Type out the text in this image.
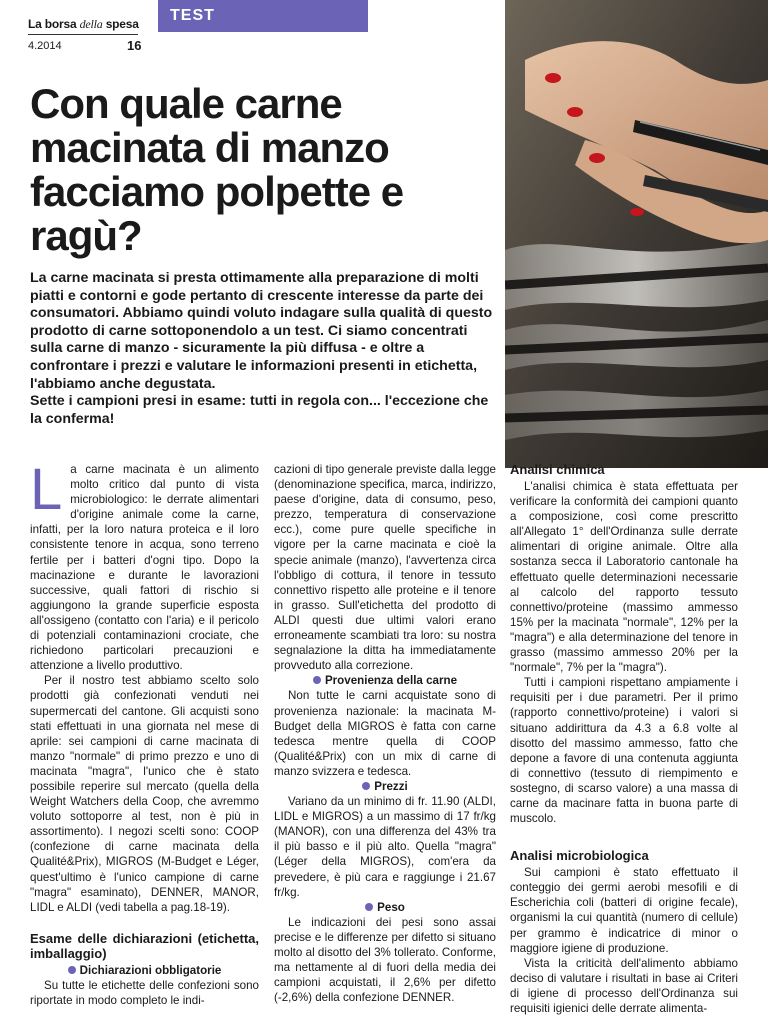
La borsa della spesa
4.2014	16
TEST
Con quale carne macinata di manzo facciamo polpette e ragù?

La carne macinata si presta ottimamente alla preparazione di molti piatti e contorni e gode pertanto di crescente interesse da parte dei consumatori. Abbiamo quindi voluto indagare sulla qualità di questo prodotto di carne sottoponendolo a un test. Ci siamo concentrati sulla carne di manzo - sicuramente la più diffusa - e oltre a confrontare i prezzi e valutare le informazioni presenti in etichetta, l'abbiamo anche degustata.

Sette i campioni presi in esame: tutti in regola con... l'eccezione che la conferma!

La carne macinata è un alimento molto critico dal punto di vista microbiologico: le derrate alimentari d'origine animale come la carne, infatti, per la loro natura proteica e il loro consistente tenore in acqua, sono terreno fertile per i batteri d'ogni tipo. Dopo la macinazione e durante le lavorazioni successive, quali fattori di rischio si aggiungono la grande superficie esposta all'ossigeno (contatto con l'aria) e il pericolo di potenziali contaminazioni crociate, che richiedono particolari precauzioni e attenzione a livello produttivo.

Per il nostro test abbiamo scelto solo prodotti già confezionati venduti nei supermercati del cantone. Gli acquisti sono stati effettuati in una giornata nel mese di aprile: sei campioni di carne macinata di manzo "normale" di primo prezzo e uno di macinata "magra", l'unico che è stato possibile reperire sul mercato (quella della Weight Watchers della Coop, che avremmo voluto sottoporre al test, non è più in assortimento). I negozi scelti sono: COOP (confezione di carne macinata della Qualité&Prix), MIGROS (M-Budget e Léger, quest'ultimo è l'unico campione di carne "magra" esaminato), DENNER, MANOR, LIDL e ALDI (vedi tabella a pag.18-19).

Esame delle dichiarazioni (etichetta, imballaggio)
Dichiarazioni obbligatorie

Su tutte le etichette delle confezioni sono riportate in modo completo le indi-

cazioni di tipo generale previste dalla legge (denominazione specifica, marca, indirizzo, paese d'origine, data di consumo, peso, prezzo, temperatura di conservazione ecc.), come pure quelle specifiche in vigore per la carne macinata e cioè la specie animale (manzo), l'avvertenza circa l'obbligo di cottura, il tenore in tessuto connettivo rispetto alle proteine e il tenore in grasso. Sull'etichetta del prodotto di ALDI questi due ultimi valori erano erroneamente scambiati tra loro: su nostra segnalazione la ditta ha immediatamente provveduto alla correzione.

Provenienza della carne

Non tutte le carni acquistate sono di provenienza nazionale: la macinata M-Budget della MIGROS è fatta con carne tedesca mentre quella di COOP (Qualité&Prix) con un mix di carne di manzo svizzera e tedesca.

Prezzi

Variano da un minimo di fr. 11.90 (ALDI, LIDL e MIGROS) a un massimo di 17 fr/kg (MANOR), con una differenza del 43% tra il più basso e il più alto. Quella "magra" (Léger della MIGROS), com'era da prevedere, è più cara e raggiunge i 21.67 fr/kg.

Peso

Le indicazioni dei pesi sono assai precise e le differenze per difetto si situano molto al disotto del 3% tollerato. Conforme, ma nettamente al di fuori della media dei campioni acquistati, il 2,6% per difetto (-2,6%) della confezione DENNER.

Analisi chimica

L'analisi chimica è stata effettuata per verificare la conformità dei campioni quanto a composizione, così come prescritto all'Allegato 1° dell'Ordinanza sulle derrate alimentari di origine animale. Oltre alla sostanza secca il Laboratorio cantonale ha effettuato quelle determinazioni necessarie al calcolo del rapporto tessuto connettivo/proteine (massimo ammesso 15% per la macinata "normale", 12% per la "magra") e alla determinazione del tenore in grasso (massimo ammesso 20% per la "normale", 7% per la "magra").

Tutti i campioni rispettano ampiamente i requisiti per i due parametri. Per il primo (rapporto connettivo/proteine) i valori si situano addirittura da 4.3 a 6.8 volte al disotto del massimo ammesso, fatto che depone a favore di una contenuta aggiunta di connettivo (tessuto di riempimento e sostegno, di scarso valore) a una massa di carne da macinare fatta in buona parte di muscolo.

Analisi microbiologica

Sui campioni è stato effettuato il conteggio dei germi aerobi mesofili e di Escherichia coli (batteri di origine fecale), organismi la cui quantità (numero di cellule) per grammo è indicatrice di minor o maggiore igiene di produzione.

Vista la criticità dell'alimento abbiamo deciso di valutare i risultati in base ai Criteri di igiene di processo dell'Ordinanza sui requisiti igienici delle derrate alimenta-
